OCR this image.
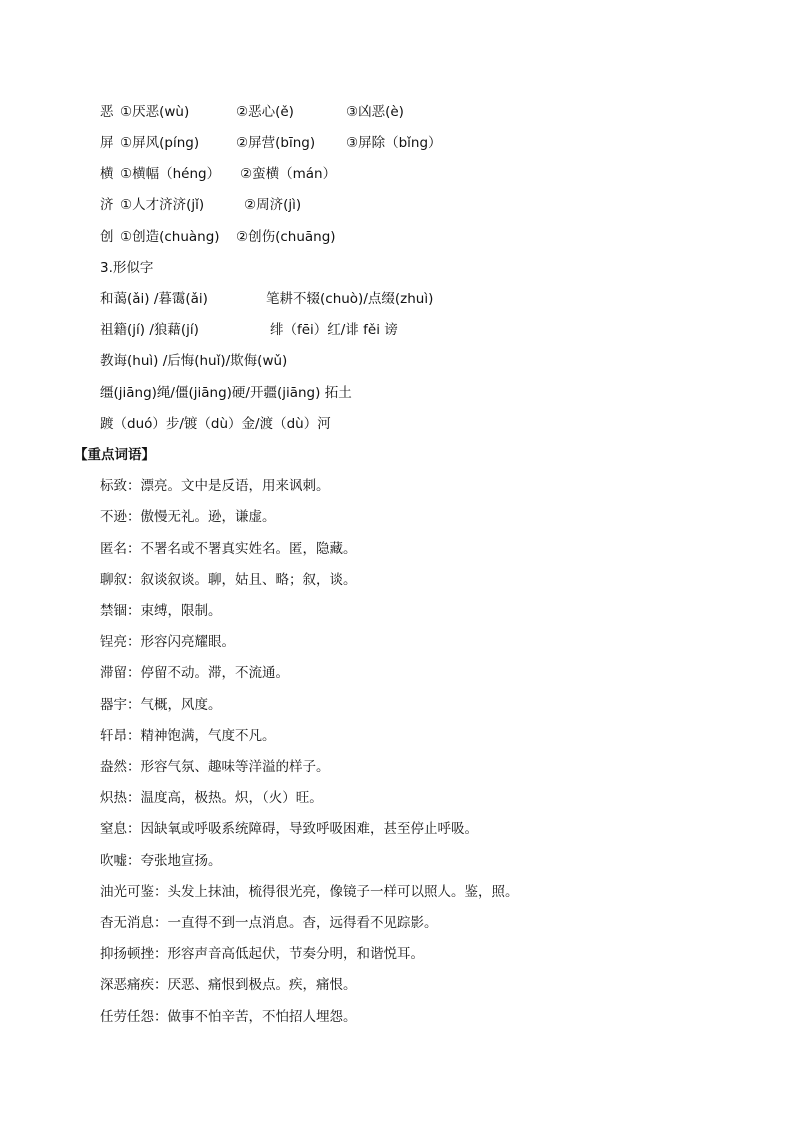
恶 ①厌恶(wù)	②恶心(ě)	③凶恶(è)
屏 ①屏风(píng)	②屏营(bīng) ③屏除（bǐng）
横 ①横幅（héng） ②蛮横（mán）
济 ①人才济济(jǐ)	②周济(jì)
创 ①创造(chuàng) ②创伤(chuāng)
3.形似字
和蔼(ǎi) /暮霭(ǎi)	笔耕不辍(chuò)/点缀(zhuì)
祖籍(jí) /狼藉(jí)	绯（fēi）红/诽 fěi 谤
教诲(huì) /后悔(huǐ)/欺侮(wǔ)
缰(jiāng)绳/僵(jiāng)硬/开疆(jiāng) 拓土
踱（duó）步/镀（dù）金/渡（dù）河
【重点词语】
标致：漂亮。文中是反语，用来讽刺。
不逊：傲慢无礼。逊，谦虚。
匿名：不署名或不署真实姓名。匿，隐藏。
聊叙：叙谈叙谈。聊，姑且、略；叙，谈。
禁锢：束缚，限制。
锃亮：形容闪亮耀眼。
滞留：停留不动。滞，不流通。
器宇：气概，风度。
轩昂：精神饱满，气度不凡。
盎然：形容气氛、趣味等洋溢的样子。
炽热：温度高，极热。炽，（火）旺。
窒息：因缺氧或呼吸系统障碍，导致呼吸困难，甚至停止呼吸。
吹嘘：夸张地宣扬。
油光可鉴：头发上抹油，梳得很光亮，像镜子一样可以照人。鉴，照。
杳无消息：一直得不到一点消息。杳，远得看不见踪影。
抑扬顿挫：形容声音高低起伏，节奏分明，和谐悦耳。
深恶痛疾：厌恶、痛恨到极点。疾，痛恨。
任劳任怨：做事不怕辛苦，不怕招人埋怨。
